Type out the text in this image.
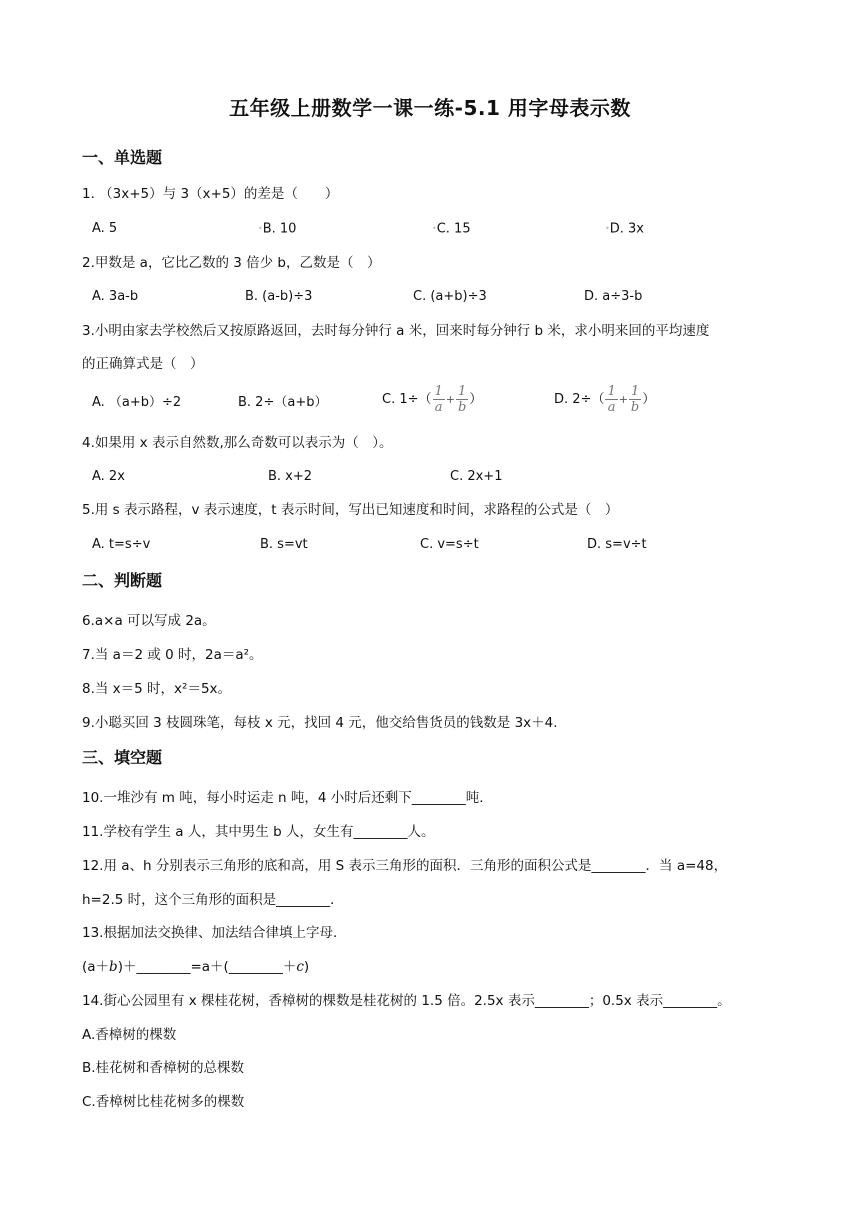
五年级上册数学一课一练-5.1 用字母表示数
一、单选题
1. （3x+5）与 3（x+5）的差是（　　）
A. 5	•B. 10	•C. 15	•D. 3x
2.甲数是 a，它比乙数的 3 倍少 b，乙数是（　）
A. 3a-b	B. (a-b)÷3	C. (a+b)÷3	D. a÷3-b
3.小明由家去学校然后又按原路返回，去时每分钟行 a 米，回来时每分钟行 b 米，求小明来回的平均速度
的正确算式是（　）
A. （a+b）÷2	B. 2÷（a+b）	C. $1\div( \frac{1}{a} + \frac{1}{b}$ ）	D. $2\div( \frac{1}{a} + \frac{1}{b}$ ）
4.如果用 x 表示自然数,那么奇数可以表示为（　）。
A. 2x	B. x+2	C. 2x+1
5.用 s 表示路程，v 表示速度，t 表示时间，写出已知速度和时间，求路程的公式是（　）
A. t=s÷v	B. s=vt	C. v=s÷t	D. s=v÷t
二、判断题
6.a×a 可以写成 2a。
7.当 a＝2 或 0 时，2a＝a²。
8.当 x＝5 时，x²＝5x。
9.小聪买回 3 枝圆珠笔，每枝 x 元，找回 4 元，他交给售货员的钱数是 3x＋4.
三、填空题
10.一堆沙有 m 吨，每小时运走 n 吨，4 小时后还剩下________吨.
11.学校有学生 a 人，其中男生 b 人，女生有________人。
12.用 a、h 分别表示三角形的底和高，用 S 表示三角形的面积．三角形的面积公式是________．当 a=48，
h=2.5 时，这个三角形的面积是________．
13.根据加法交换律、加法结合律填上字母.
(a＋b)＋________=a＋(________＋c)
14.街心公园里有 x 棵桂花树，香樟树的棵数是桂花树的 1.5 倍。2.5x 表示________；0.5x 表示________。
A.香樟树的棵数
B.桂花树和香樟树的总棵数
C.香樟树比桂花树多的棵数
